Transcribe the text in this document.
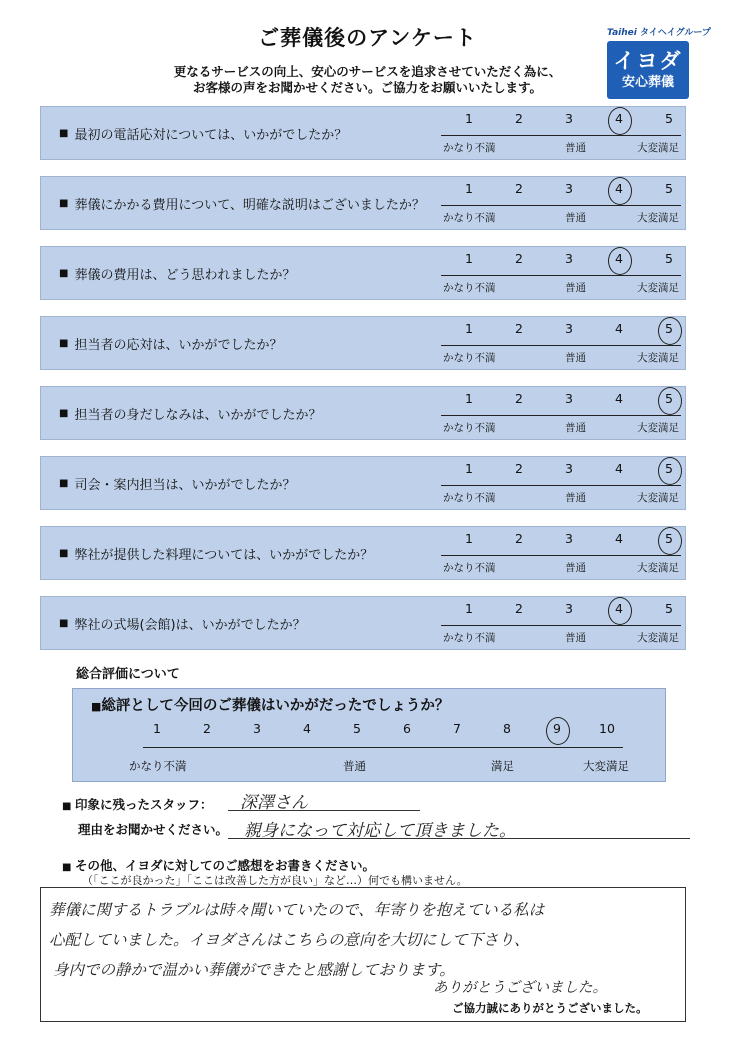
ご葬儀後のアンケート
更なるサービスの向上、安心のサービスを追求させていただく為に、
お客様の声をお聞かせください。ご協力をお願いいたします。
Taihei タイヘイグループ
イヨダ
安心葬儀
■ 最初の電話応対については、いかがでしたか？
1	2	3	4	5
かなり不満	普通	大変満足
■ 葬儀にかかる費用について、明確な説明はございましたか？
1	2	3	4	5
かなり不満	普通	大変満足
■ 葬儀の費用は、どう思われましたか？
1	2	3	4	5
かなり不満	普通	大変満足
■ 担当者の応対は、いかがでしたか？
1	2	3	4	5
かなり不満	普通	大変満足
■ 担当者の身だしなみは、いかがでしたか？
1	2	3	4	5
かなり不満	普通	大変満足
■ 司会・案内担当は、いかがでしたか？
1	2	3	4	5
かなり不満	普通	大変満足
■ 弊社が提供した料理については、いかがでしたか？
1	2	3	4	5
かなり不満	普通	大変満足
■ 弊社の式場(会館)は、いかがでしたか？
1	2	3	4	5
かなり不満	普通	大変満足
総合評価について
■総評として今回のご葬儀はいかがだったでしょうか？
1	2	3	4	5	6	7	8	9	10
かなり不満	普通	満足	大変満足
■ 印象に残ったスタッフ： 深澤さん
理由をお聞かせください。 親身になって対応して頂きました。
■ その他、イヨダに対してのご感想をお書きください。
（「ここが良かった」「ここは改善した方が良い」など…）何でも構いません。
葬儀に関するトラブルは時々聞いていたので、年寄りを抱えている私は
心配していました。イヨダさんはこちらの意向を大切にして下さり、
身内での静かで温かい葬儀ができたと感謝しております。
ありがとうございました。
ご協力誠にありがとうございました。
